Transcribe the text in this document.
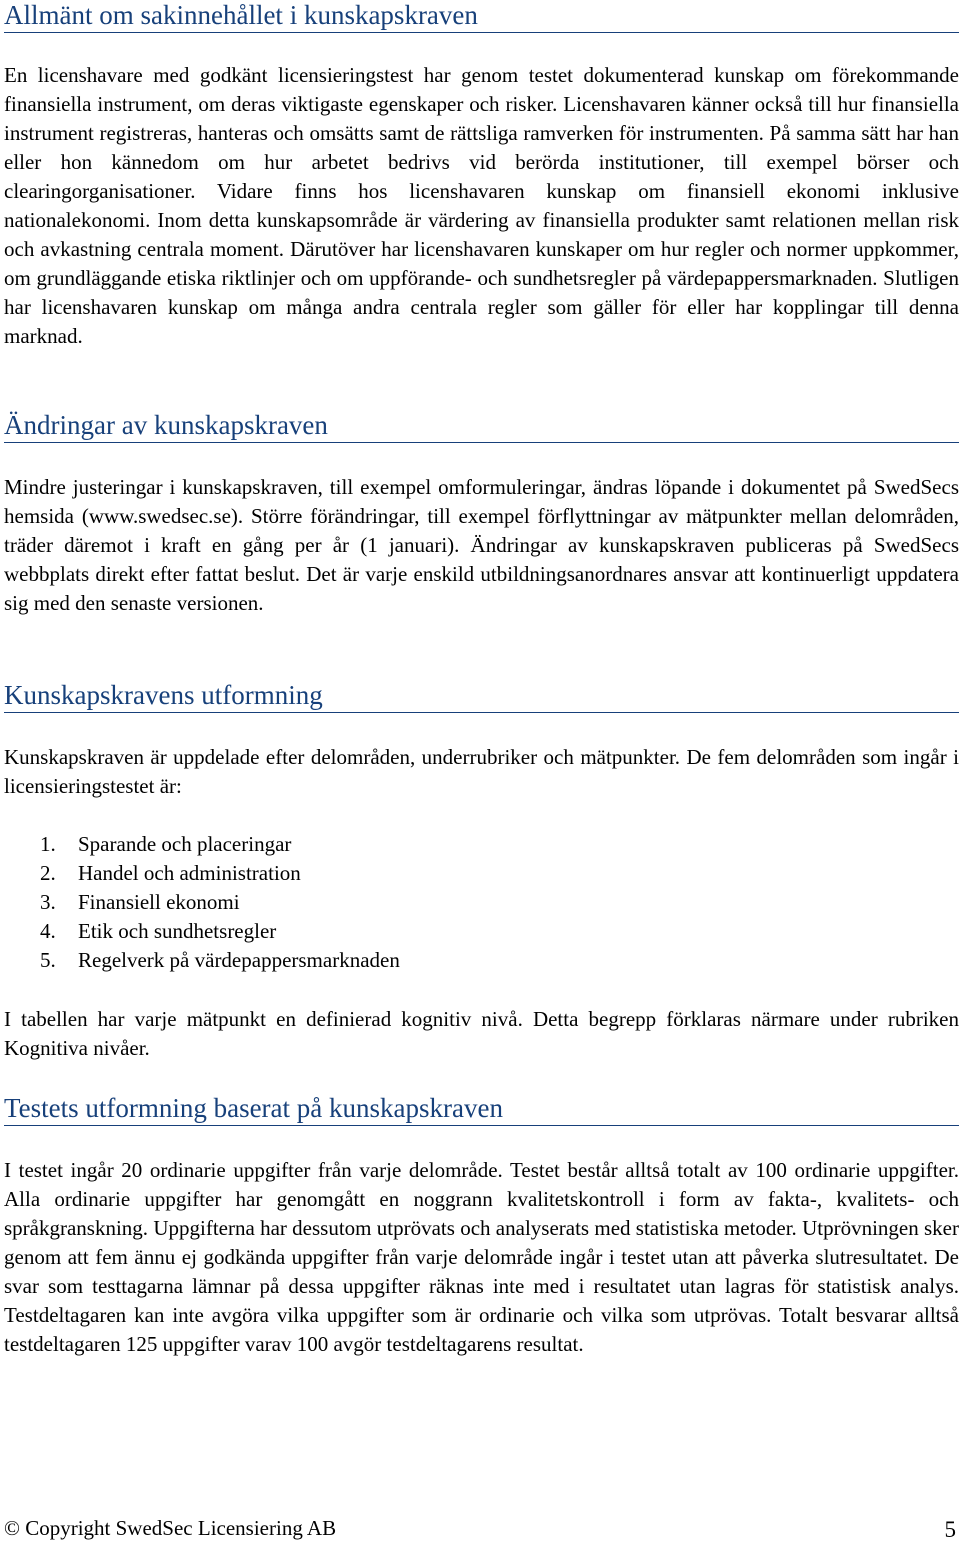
Allmänt om sakinnehållet i kunskapskraven

En licenshavare med godkänt licensieringstest har genom testet dokumenterad kunskap om förekommande finansiella instrument, om deras viktigaste egenskaper och risker. Licenshavaren känner också till hur finansiella instrument registreras, hanteras och omsätts samt de rättsliga ramverken för instrumenten. På samma sätt har han eller hon kännedom om hur arbetet bedrivs vid berörda institutioner, till exempel börser och clearingorganisationer. Vidare finns hos licenshavaren kunskap om finansiell ekonomi inklusive nationalekonomi. Inom detta kunskapsområde är värdering av finansiella produkter samt relationen mellan risk och avkastning centrala moment. Därutöver har licenshavaren kunskaper om hur regler och normer uppkommer, om grundläggande etiska riktlinjer och om uppförande- och sundhetsregler på värdepappersmarknaden. Slutligen har licenshavaren kunskap om många andra centrala regler som gäller för eller har kopplingar till denna marknad.

Ändringar av kunskapskraven

Mindre justeringar i kunskapskraven, till exempel omformuleringar, ändras löpande i dokumentet på SwedSecs hemsida (www.swedsec.se). Större förändringar, till exempel förflyttningar av mätpunkter mellan delområden, träder däremot i kraft en gång per år (1 januari). Ändringar av kunskapskraven publiceras på SwedSecs webbplats direkt efter fattat beslut. Det är varje enskild utbildningsanordnares ansvar att kontinuerligt uppdatera sig med den senaste versionen.

Kunskapskravens utformning

Kunskapskraven är uppdelade efter delområden, underrubriker och mätpunkter. De fem delområden som ingår i licensieringstestet är:

1.	Sparande och placeringar
2.	Handel och administration
3.	Finansiell ekonomi
4.	Etik och sundhetsregler
5.	Regelverk på värdepappersmarknaden

I tabellen har varje mätpunkt en definierad kognitiv nivå. Detta begrepp förklaras närmare under rubriken Kognitiva nivåer.

Testets utformning baserat på kunskapskraven

I testet ingår 20 ordinarie uppgifter från varje delområde. Testet består alltså totalt av 100 ordinarie uppgifter. Alla ordinarie uppgifter har genomgått en noggrann kvalitetskontroll i form av fakta-, kvalitets- och språkgranskning. Uppgifterna har dessutom utprövats och analyserats med statistiska metoder. Utprövningen sker genom att fem ännu ej godkända uppgifter från varje delområde ingår i testet utan att påverka slutresultatet. De svar som testtagarna lämnar på dessa uppgifter räknas inte med i resultatet utan lagras för statistisk analys. Testdeltagaren kan inte avgöra vilka uppgifter som är ordinarie och vilka som utprövas. Totalt besvarar alltså testdeltagaren 125 uppgifter varav 100 avgör testdeltagarens resultat.

© Copyright SwedSec Licensiering AB	5
